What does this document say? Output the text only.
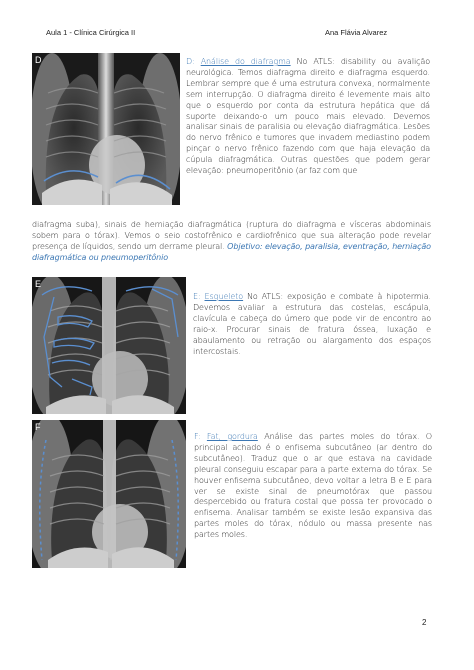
Aula 1 - Clínica Cirúrgica II	Ana Flávia Alvarez
D	D: Análise do diafragma No ATLS: disability ou avalição neurológica. Temos diafragma direito e diafragma esquerdo. Lembrar sempre que é uma estrutura convexa, normalmente sem interrupção. O diafragma direito é levemente mais alto que o esquerdo por conta da estrutura hepática que dá suporte deixando-o um pouco mais elevado. Devemos analisar sinais de paralisia ou elevação diafragmática. Lesões do nervo frênico e tumores que invadem mediastino podem pinçar o nervo frênico fazendo com que haja elevação da cúpula diafragmática. Outras questões que podem gerar elevação: pneumoperitônio (ar faz com que
E
E: Esqueleto No ATLS: exposição e combate à hipotermia. Devemos avaliar a estrutura das costelas, escápula, clavícula e cabeça do úmero que pode vir de encontro ao raio-x. Procurar sinais de fratura óssea, luxação e abaulamento ou retração ou alargamento dos espaços intercostais.
F
F: Fat, gordura Análise das partes moles do tórax. O principal achado é o enfisema subcutâneo (ar dentro do subcutâneo). Traduz que o ar que estava na cavidade pleural conseguiu escapar para a parte externa do tórax. Se houver enfisema subcutâneo, devo voltar a letra B e E para ver se existe sinal de pneumotórax que passou despercebido ou fratura costal que possa ter provocado o enfisema. Analisar também se existe lesão expansiva das partes moles do tórax, nódulo ou massa presente nas partes moles.
2
diafragma suba), sinais de herniação diafragmática (ruptura do diafragma e vísceras abdominais sobem para o tórax). Vemos o seio costofrênico e cardiofrênico que sua alteração pode revelar presença de líquidos, sendo um derrame pleural. Objetivo: elevação, paralisia, eventração, herniação diafragmática ou pneumoperitônio
